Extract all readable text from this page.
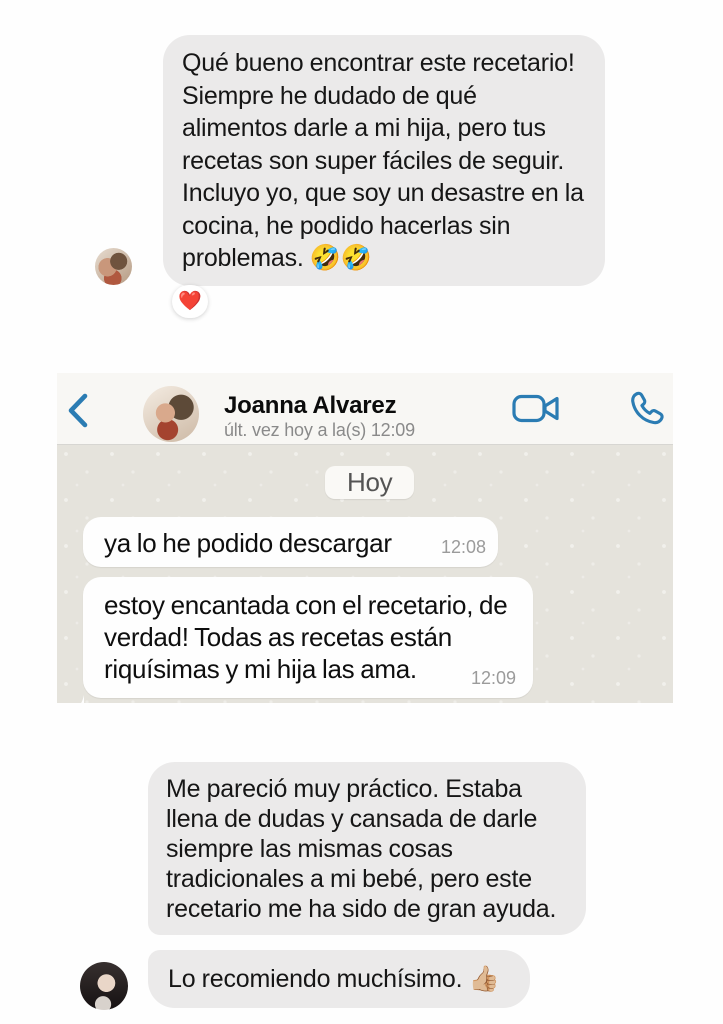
Qué bueno encontrar este recetario! Siempre he dudado de qué alimentos darle a mi hija, pero tus recetas son super fáciles de seguir. Incluyo yo, que soy un desastre en la cocina, he podido hacerlas sin problemas. 🤣🤣
❤️
Joanna Alvarez
últ. vez hoy a la(s) 12:09
Hoy
ya lo he podido descargar	12:08
estoy encantada con el recetario, de verdad! Todas as recetas están riquísimas y mi hija las ama.	12:09
Me pareció muy práctico. Estaba llena de dudas y cansada de darle siempre las mismas cosas tradicionales a mi bebé, pero este recetario me ha sido de gran ayuda.
Lo recomiendo muchísimo. 👍🏼
